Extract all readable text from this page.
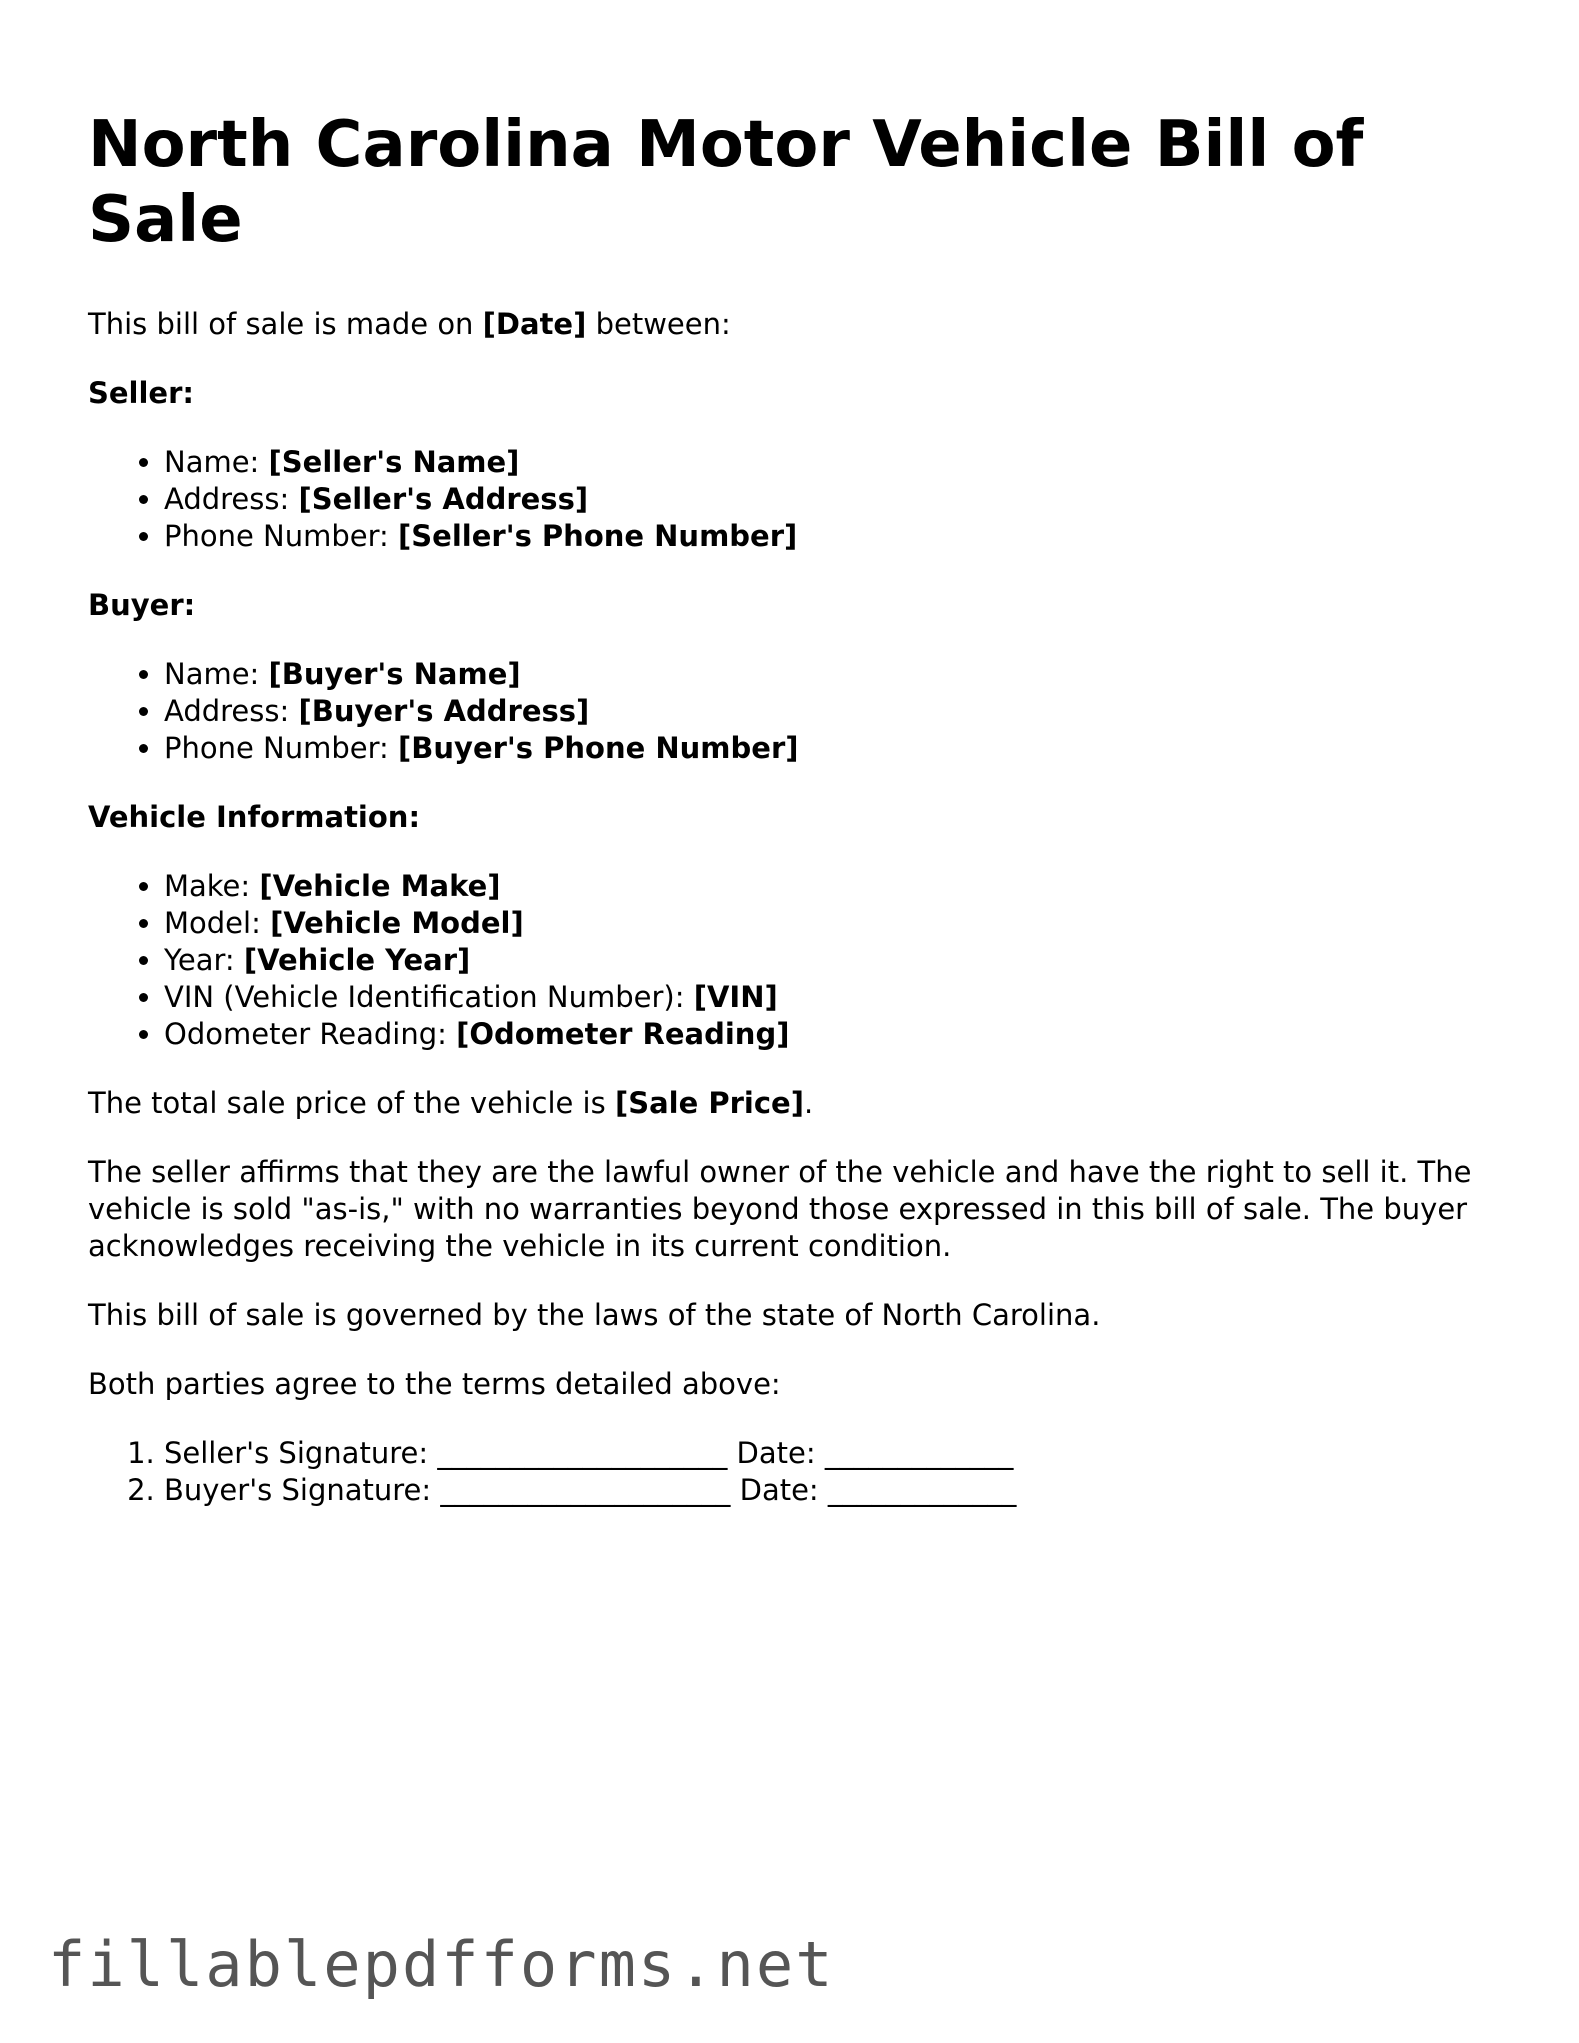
North Carolina Motor Vehicle Bill of Sale

This bill of sale is made on [Date] between:

Seller:

• Name: [Seller's Name]
• Address: [Seller's Address]
• Phone Number: [Seller's Phone Number]

Buyer:

• Name: [Buyer's Name]
• Address: [Buyer's Address]
• Phone Number: [Buyer's Phone Number]

Vehicle Information:

• Make: [Vehicle Make]
• Model: [Vehicle Model]
• Year: [Vehicle Year]
• VIN (Vehicle Identification Number): [VIN]
• Odometer Reading: [Odometer Reading]

The total sale price of the vehicle is [Sale Price].

The seller affirms that they are the lawful owner of the vehicle and have the right to sell it. The vehicle is sold "as-is," with no warranties beyond those expressed in this bill of sale. The buyer acknowledges receiving the vehicle in its current condition.

This bill of sale is governed by the laws of the state of North Carolina.

Both parties agree to the terms detailed above:

1. Seller's Signature: ____________________ Date: _____________
2. Buyer's Signature: ____________________ Date: _____________
fillablepdfforms.net
